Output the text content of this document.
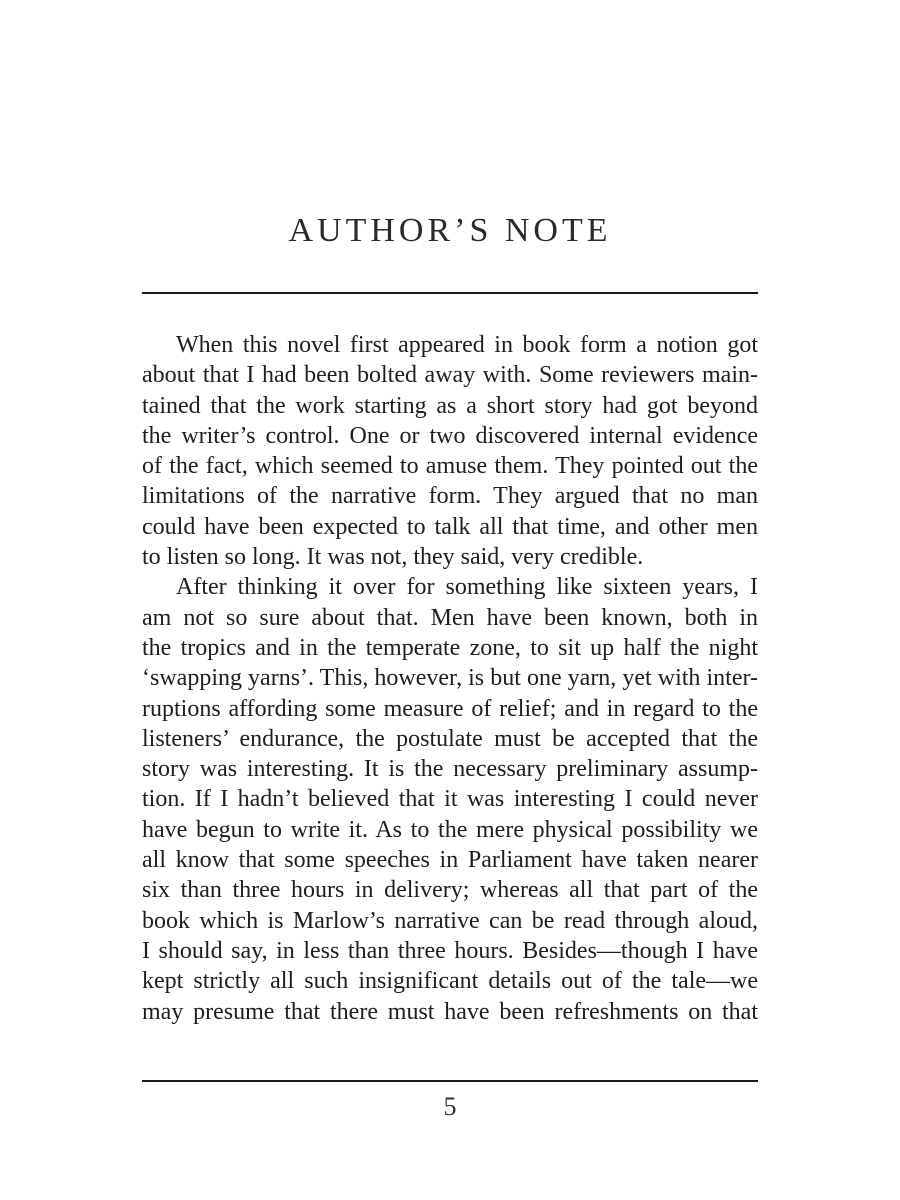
AUTHOR’S NOTE
When this novel first appeared in book form a notion got
about that I had been bolted away with. Some reviewers main-
tained that the work starting as a short story had got beyond
the writer’s control. One or two discovered internal evidence
of the fact, which seemed to amuse them. They pointed out the
limitations of the narrative form. They argued that no man
could have been expected to talk all that time, and other men
to listen so long. It was not, they said, very credible.
After thinking it over for something like sixteen years, I
am not so sure about that. Men have been known, both in
the tropics and in the temperate zone, to sit up half the night
‘swapping yarns’. This, however, is but one yarn, yet with inter-
ruptions affording some measure of relief; and in regard to the
listeners’ endurance, the postulate must be accepted that the
story was interesting. It is the necessary preliminary assump-
tion. If I hadn’t believed that it was interesting I could never
have begun to write it. As to the mere physical possibility we
all know that some speeches in Parliament have taken nearer
six than three hours in delivery; whereas all that part of the
book which is Marlow’s narrative can be read through aloud,
I should say, in less than three hours. Besides—though I have
kept strictly all such insignificant details out of the tale—we
may presume that there must have been refreshments on that
5
